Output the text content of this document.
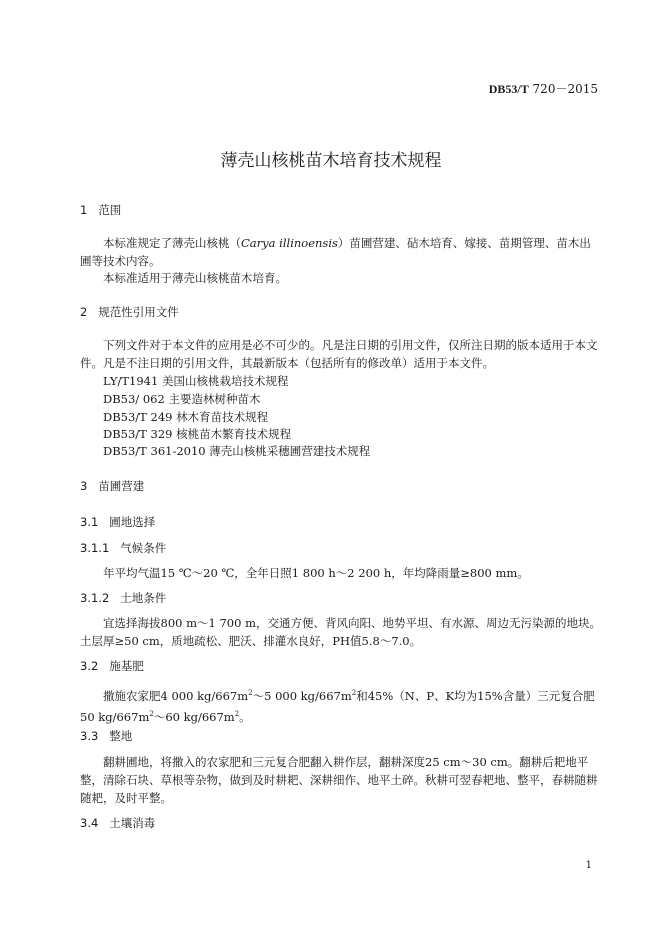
DB53/T 720－2015
薄壳山核桃苗木培育技术规程
1 范围
本标准规定了薄壳山核桃（Carya illinoensis）苗圃营建、砧木培育、嫁接、苗期管理、苗木出圃等技术内容。
本标准适用于薄壳山核桃苗木培育。
2 规范性引用文件
下列文件对于本文件的应用是必不可少的。凡是注日期的引用文件，仅所注日期的版本适用于本文件。凡是不注日期的引用文件，其最新版本（包括所有的修改单）适用于本文件。
LY/T1941 美国山核桃栽培技术规程
DB53/ 062 主要造林树种苗木
DB53/T 249 林木育苗技术规程
DB53/T 329 核桃苗木繁育技术规程
DB53/T 361-2010 薄壳山核桃采穗圃营建技术规程
3 苗圃营建
3.1 圃地选择
3.1.1 气候条件
年平均气温15 ℃～20 ℃，全年日照1 800 h～2 200 h，年均降雨量≥800 mm。
3.1.2 土地条件
宜选择海拔800 m～1 700 m，交通方便、背风向阳、地势平坦、有水源、周边无污染源的地块。土层厚≥50 cm，质地疏松、肥沃、排灌水良好，PH值5.8～7.0。
3.2 施基肥
撒施农家肥4 000 $kg/667m^2\sim 5$ 000 $kg/667m^2$和45%（N、P、K均为15%含量）三元复合肥50 $kg/667m^2\sim 60$ $kg/667m^2$。
3.3 整地
翻耕圃地，将撒入的农家肥和三元复合肥翻入耕作层，翻耕深度25 cm～30 cm。翻耕后耙地平整，清除石块、草根等杂物，做到及时耕耙、深耕细作、地平土碎。秋耕可翌春耙地、整平，春耕随耕随耙，及时平整。
3.4 土壤消毒
1
